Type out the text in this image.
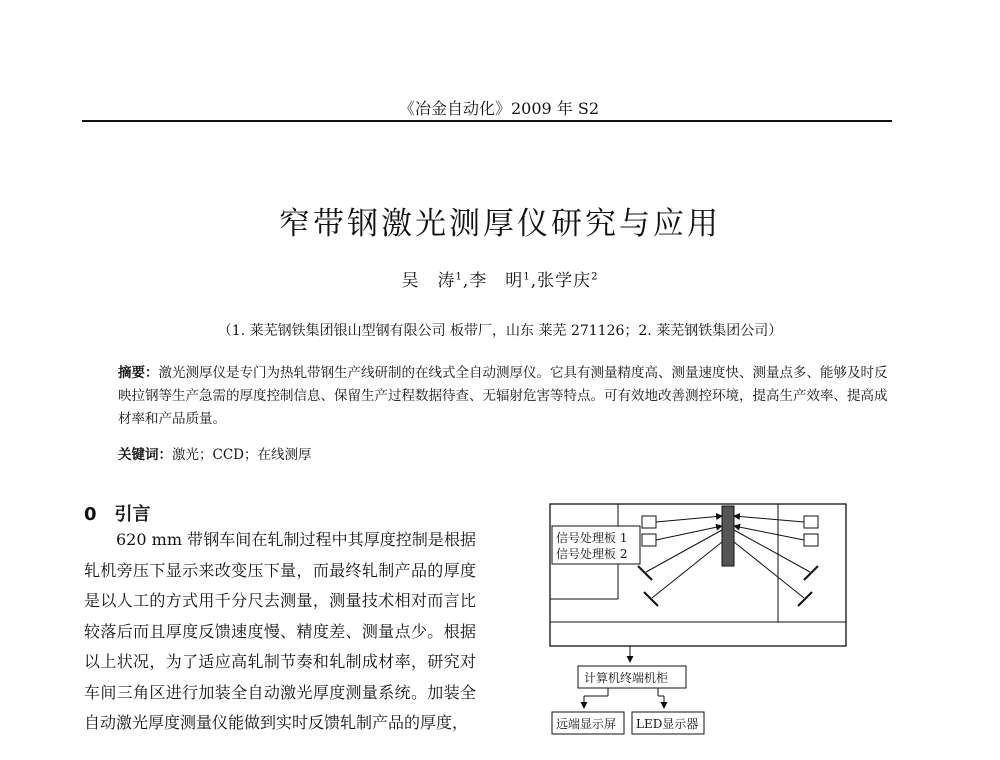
《冶金自动化》2009 年 S2
窄带钢激光测厚仪研究与应用
吴　涛$^1$,李　明$^1$,张学庆$^2$
（1. 莱芜钢铁集团银山型钢有限公司 板带厂，山东 莱芜 271126；2. 莱芜钢铁集团公司）
摘要：激光测厚仪是专门为热轧带钢生产线研制的在线式全自动测厚仪。它具有测量精度高、测量速度快、测量点多、能够及时反映拉钢等生产急需的厚度控制信息、保留生产过程数据待查、无辐射危害等特点。可有效地改善测控环境，提高生产效率、提高成材率和产品质量。
关键词：激光；CCD；在线测厚
0 引言
620 mm 带钢车间在轧制过程中其厚度控制是根据轧机旁压下显示来改变压下量，而最终轧制产品的厚度是以人工的方式用千分尺去测量，测量技术相对而言比较落后而且厚度反馈速度慢、精度差、测量点少。根据以上状况，为了适应高轧制节奏和轧制成材率，研究对车间三角区进行加装全自动激光厚度测量系统。加装全自动激光厚度测量仪能做到实时反馈轧制产品的厚度，
信号处理板 1
信号处理板 2
计算机终端机柜
远端显示屏 LED显示器
